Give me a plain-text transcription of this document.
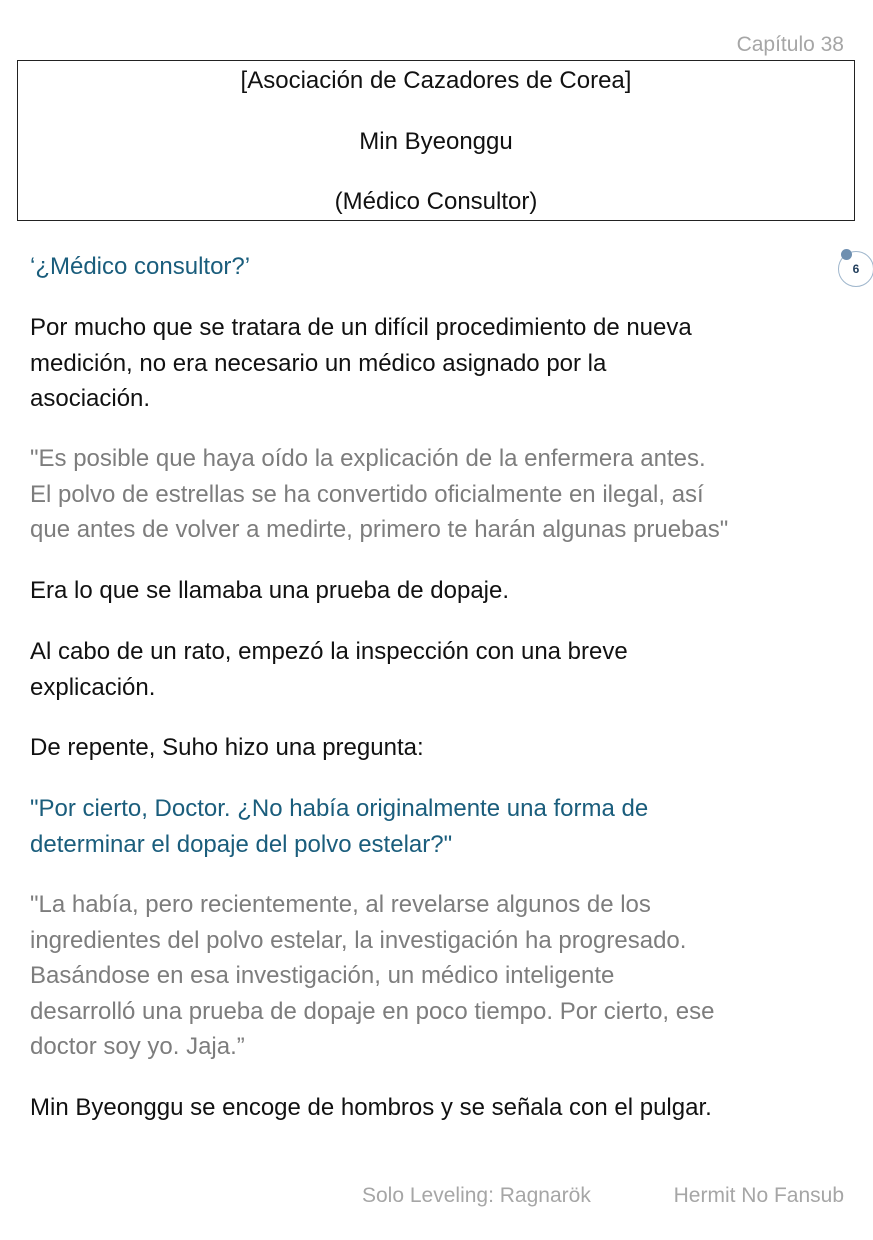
Capítulo 38
[Asociación de Cazadores de Corea]
Min Byeonggu
(Médico Consultor)
6

‘¿Médico consultor?’

Por mucho que se tratara de un difícil procedimiento de nueva
medición, no era necesario un médico asignado por la
asociación.

"Es posible que haya oído la explicación de la enfermera antes.
El polvo de estrellas se ha convertido oficialmente en ilegal, así
que antes de volver a medirte, primero te harán algunas pruebas"

Era lo que se llamaba una prueba de dopaje.

Al cabo de un rato, empezó la inspección con una breve
explicación.

De repente, Suho hizo una pregunta:

"Por cierto, Doctor. ¿No había originalmente una forma de
determinar el dopaje del polvo estelar?"

"La había, pero recientemente, al revelarse algunos de los
ingredientes del polvo estelar, la investigación ha progresado.
Basándose en esa investigación, un médico inteligente
desarrolló una prueba de dopaje en poco tiempo. Por cierto, ese
doctor soy yo. Jaja.”

Min Byeonggu se encoge de hombros y se señala con el pulgar.

Solo Leveling: Ragnarök	Hermit No Fansub
